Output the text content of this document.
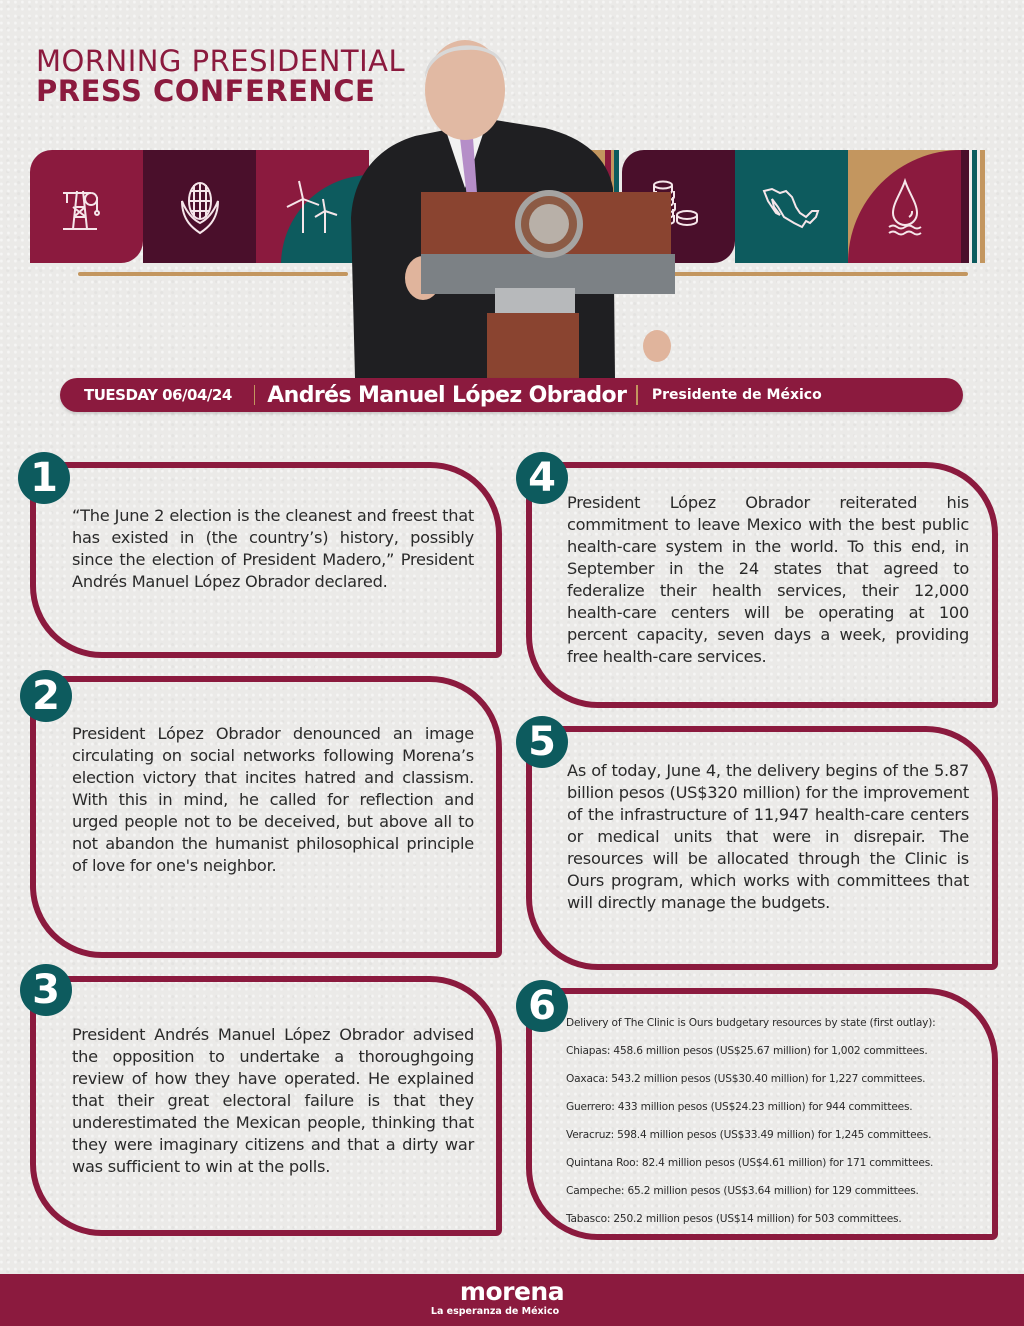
MORNING PRESIDENTIAL
PRESS CONFERENCE
TUESDAY 06/04/24 Andrés Manuel López Obrador Presidente de México
1
“The June 2 election is the cleanest and freest that has existed in (the country’s) history, possibly since the election of President Madero,” President Andrés Manuel López Obrador declared.
2
President López Obrador denounced an image circulating on social networks following Morena’s election victory that incites hatred and classism. With this in mind, he called for reflection and urged people not to be deceived, but above all to not abandon the humanist philosophical principle of love for one's neighbor.
3
President Andrés Manuel López Obrador advised the opposition to undertake a thoroughgoing review of how they have operated. He explained that their great electoral failure is that they underestimated the Mexican people, thinking that they were imaginary citizens and that a dirty war was sufficient to win at the polls.
4
President López Obrador reiterated his commitment to leave Mexico with the best public health-care system in the world. To this end, in September in the 24 states that agreed to federalize their health services, their 12,000 health-care centers will be operating at 100 percent capacity, seven days a week, providing free health-care services.
5
As of today, June 4, the delivery begins of the 5.87 billion pesos (US$320 million) for the improvement of the infrastructure of 11,947 health-care centers or medical units that were in disrepair. The resources will be allocated through the Clinic is Ours program, which works with committees that will directly manage the budgets.
6 Delivery of The Clinic is Ours budgetary resources by state (first outlay):
Chiapas: 458.6 million pesos (US$25.67 million) for 1,002 committees.
Oaxaca: 543.2 million pesos (US$30.40 million) for 1,227 committees.
Guerrero: 433 million pesos (US$24.23 million) for 944 committees.
Veracruz: 598.4 million pesos (US$33.49 million) for 1,245 committees.
Quintana Roo: 82.4 million pesos (US$4.61 million) for 171 committees.
Campeche: 65.2 million pesos (US$3.64 million) for 129 committees.
Tabasco: 250.2 million pesos (US$14 million) for 503 committees.
morena
La esperanza de México
